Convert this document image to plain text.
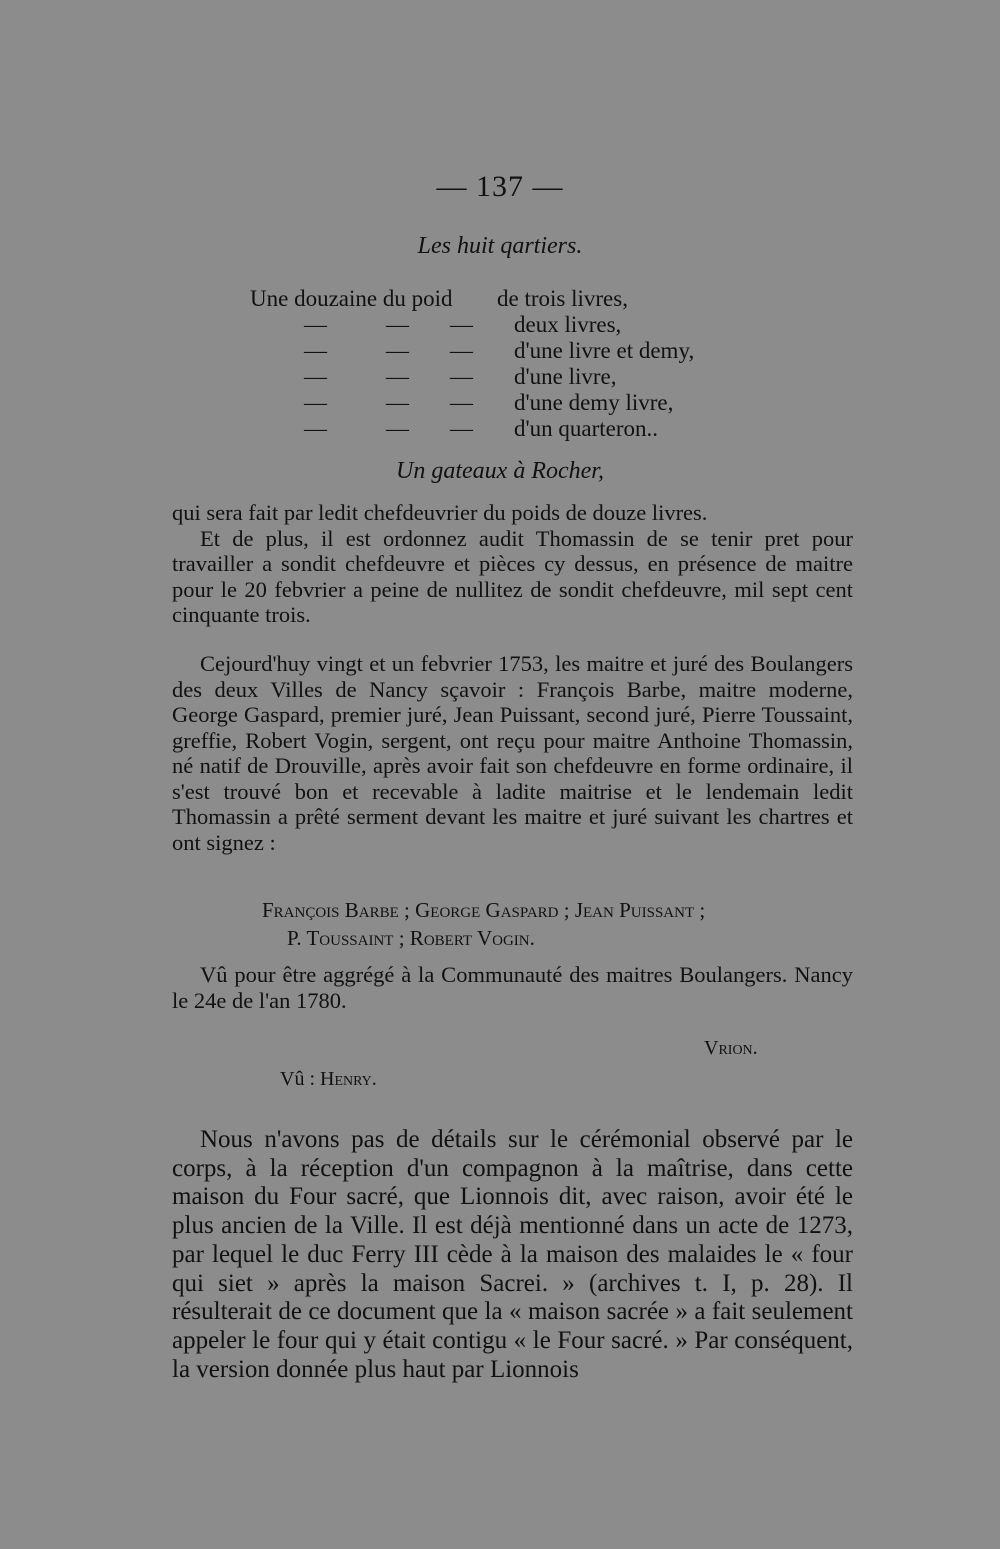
— 137 —

Les huit qartiers.

Une douzaine du poid de trois livres,
—	— — deux livres,
—	— — d'une livre et demy,
—	— — d'une livre,
—	— — d'une demy livre,
—	— — d'un quarteron..

Un gateaux à Rocher,

qui sera fait par ledit chefdeuvrier du poids de douze livres.
Et de plus, il est ordonnez audit Thomassin de se tenir pret pour travailler a sondit chefdeuvre et pièces cy dessus, en présence de maitre pour le 20 febvrier a peine de nullitez de sondit chefdeuvre, mil sept cent cinquante trois.

Cejourd'huy vingt et un febvrier 1753, les maitre et juré des Boulangers des deux Villes de Nancy sçavoir : François Barbe, maitre moderne, George Gaspard, premier juré, Jean Puissant, second juré, Pierre Toussaint, greffie, Robert Vogin, sergent, ont reçu pour maitre Anthoine Thomassin, né natif de Drouville, après avoir fait son chefdeuvre en forme ordinaire, il s'est trouvé bon et recevable à ladite maitrise et le lendemain ledit Thomassin a prêté serment devant les maitre et juré suivant les chartres et ont signez :

François Barbe ; George Gaspard ; Jean Puissant ;

P. Toussaint ; Robert Vogin.

Vû pour être aggrégé à la Communauté des maitres Boulangers. Nancy le 24e de l'an 1780.

Vrion.

Vû : Henry.

Nous n'avons pas de détails sur le cérémonial observé par le corps, à la réception d'un compagnon à la maîtrise, dans cette maison du Four sacré, que Lionnois dit, avec raison, avoir été le plus ancien de la Ville. Il est déjà mentionné dans un acte de 1273, par lequel le duc Ferry III cède à la maison des malaides le « four qui siet » après la maison Sacrei. » (archives t. I, p. 28). Il résulterait de ce document que la « maison sacrée » a fait seulement appeler le four qui y était contigu « le Four sacré. » Par conséquent, la version donnée plus haut par Lionnois
